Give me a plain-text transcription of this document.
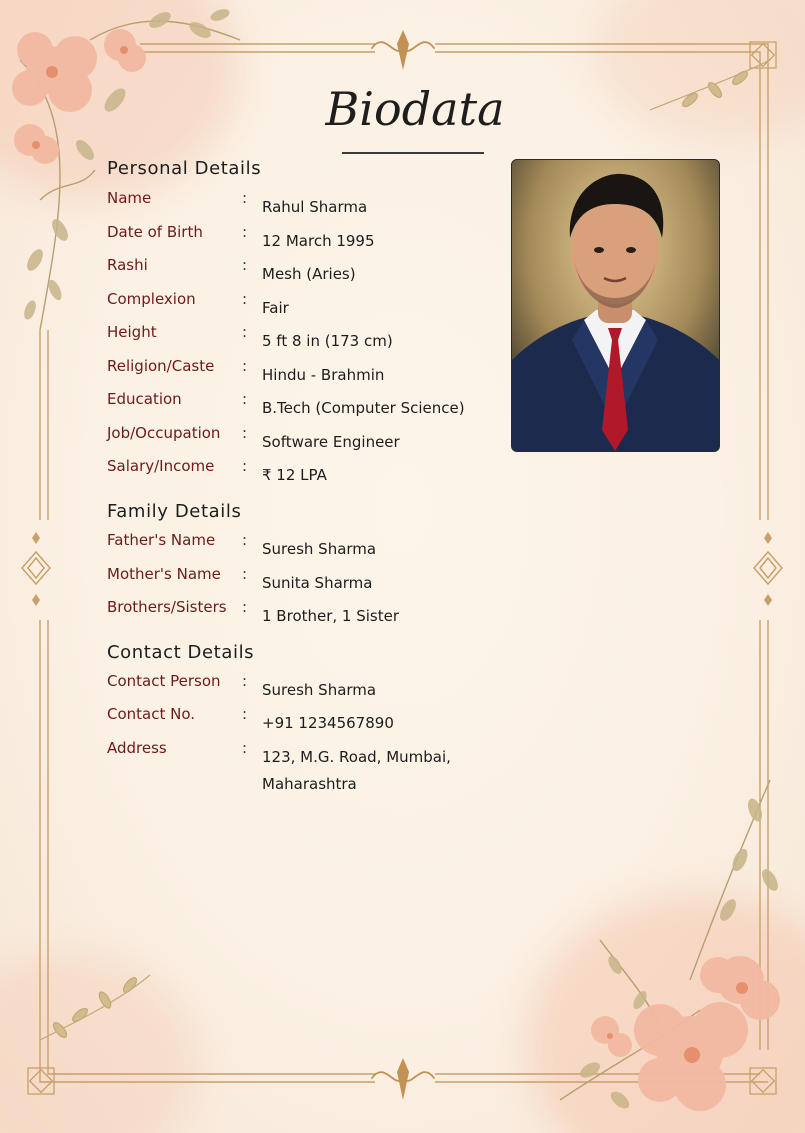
Biodata
Personal Details
Name	: Rahul Sharma
Date of Birth	: 12 March 1995
Rashi	: Mesh (Aries)
Complexion	: Fair
Height	: 5 ft 8 in (173 cm)
Religion/Caste : Hindu - Brahmin
Education	: B.Tech (Computer Science)
Job/Occupation : Software Engineer
Salary/Income : ₹ 12 LPA
Family Details
Father's Name : Suresh Sharma
Mother's Name : Sunita Sharma
Brothers/Sisters : 1 Brother, 1 Sister
Contact Details
Contact Person : Suresh Sharma
Contact No.	: +91 1234567890
Address	: 123, M.G. Road, Mumbai,
Maharashtra
